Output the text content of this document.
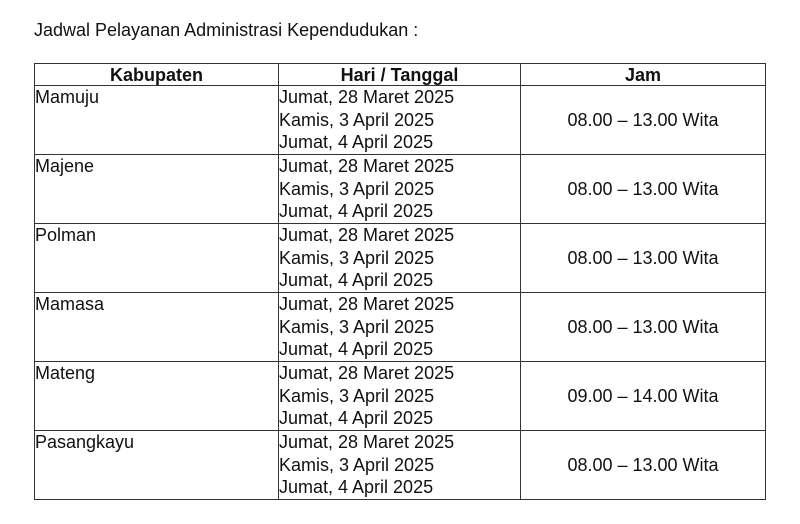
Jadwal Pelayanan Administrasi Kependudukan :
Kabupaten	Hari / Tanggal	Jam
Mamuju	Jumat, 28 Maret 2025
Kamis, 3 April 2025
Jumat, 4 April 2025	08.00 – 13.00 Wita
Majene	Jumat, 28 Maret 2025
Kamis, 3 April 2025
Jumat, 4 April 2025	08.00 – 13.00 Wita
Polman	Jumat, 28 Maret 2025
Kamis, 3 April 2025
Jumat, 4 April 2025	08.00 – 13.00 Wita
Mamasa	Jumat, 28 Maret 2025
Kamis, 3 April 2025
Jumat, 4 April 2025	08.00 – 13.00 Wita
Mateng	Jumat, 28 Maret 2025
Kamis, 3 April 2025
Jumat, 4 April 2025	09.00 – 14.00 Wita
Pasangkayu	Jumat, 28 Maret 2025
Kamis, 3 April 2025
Jumat, 4 April 2025	08.00 – 13.00 Wita
